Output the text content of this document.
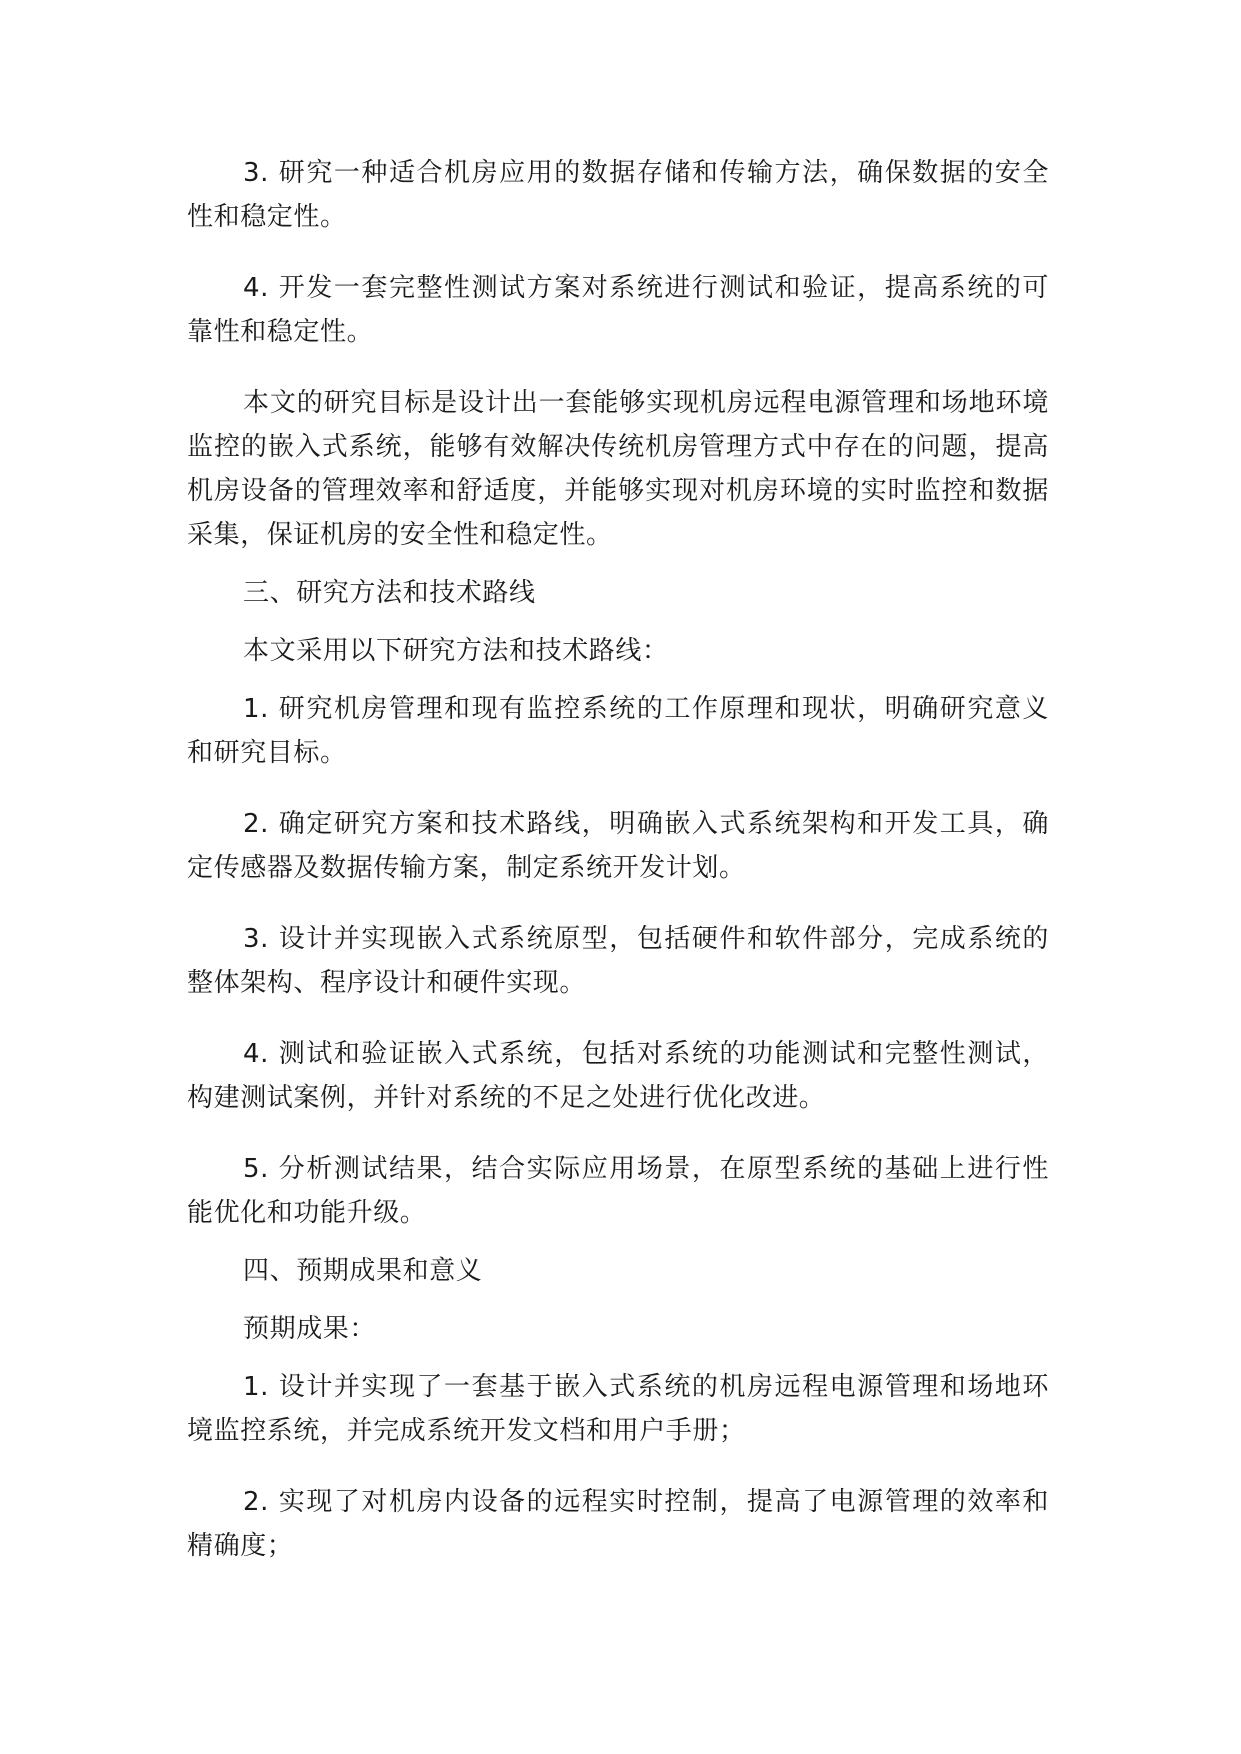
3. 研究一种适合机房应用的数据存储和传输方法，确保数据的安全性和稳定性。

4. 开发一套完整性测试方案对系统进行测试和验证，提高系统的可靠性和稳定性。

本文的研究目标是设计出一套能够实现机房远程电源管理和场地环境监控的嵌入式系统，能够有效解决传统机房管理方式中存在的问题，提高机房设备的管理效率和舒适度，并能够实现对机房环境的实时监控和数据采集，保证机房的安全性和稳定性。

三、研究方法和技术路线

本文采用以下研究方法和技术路线：

1. 研究机房管理和现有监控系统的工作原理和现状，明确研究意义和研究目标。

2. 确定研究方案和技术路线，明确嵌入式系统架构和开发工具，确定传感器及数据传输方案，制定系统开发计划。

3. 设计并实现嵌入式系统原型，包括硬件和软件部分，完成系统的整体架构、程序设计和硬件实现。

4. 测试和验证嵌入式系统，包括对系统的功能测试和完整性测试，构建测试案例，并针对系统的不足之处进行优化改进。

5. 分析测试结果，结合实际应用场景，在原型系统的基础上进行性能优化和功能升级。

四、预期成果和意义

预期成果：

1. 设计并实现了一套基于嵌入式系统的机房远程电源管理和场地环境监控系统，并完成系统开发文档和用户手册；

2. 实现了对机房内设备的远程实时控制，提高了电源管理的效率和精确度；
